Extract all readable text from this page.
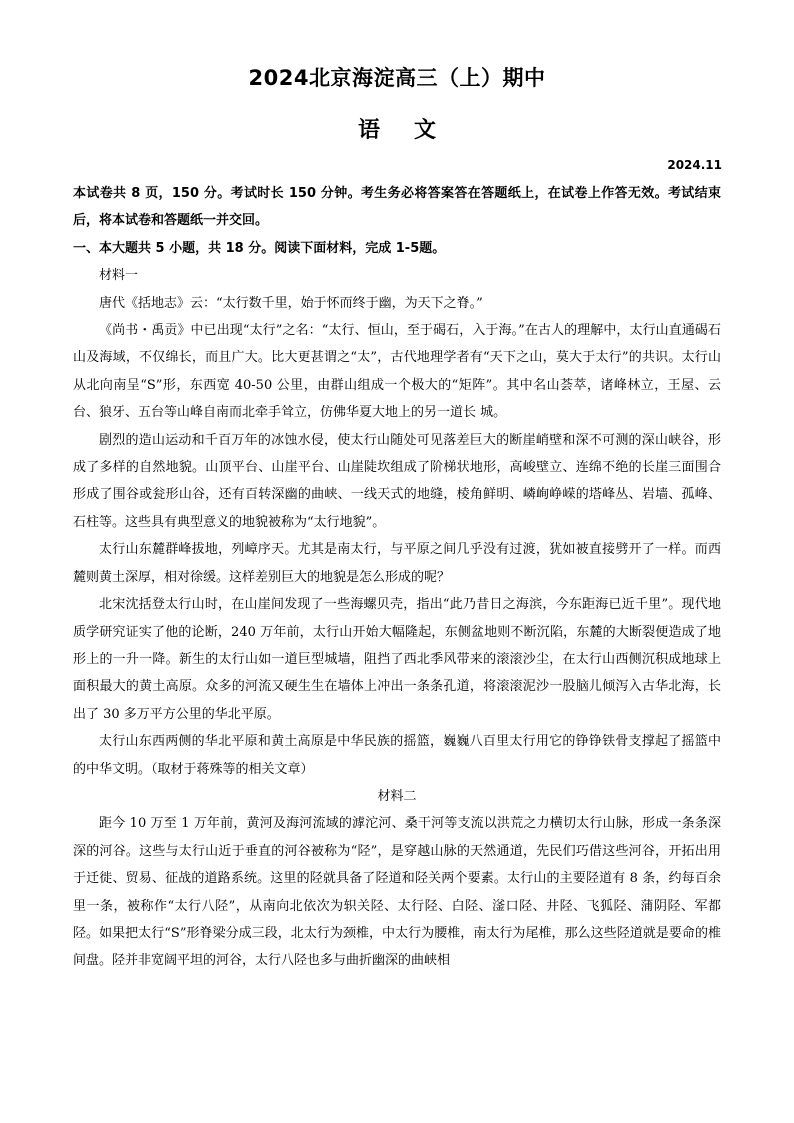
2024北京海淀高三（上）期中
语文
2024.11

本试卷共 8 页，150 分。考试时长 150 分钟。考生务必将答案答在答题纸上，在试卷上作答无效。考试结束后，将本试卷和答题纸一并交回。

一、本大题共 5 小题，共 18 分。阅读下面材料，完成 1-5题。

材料一

唐代《括地志》云：“太行数千里，始于怀而终于幽，为天下之脊。”

《尚书・禹贡》中已出现“太行”之名：“太行、恒山，至于碣石，入于海。”在古人的理解中，太行山直通碣石山及海域，不仅绵长，而且广大。比大更甚谓之“太”，古代地理学者有“天下之山，莫大于太行”的共识。太行山从北向南呈“S”形，东西宽 40-50 公里，由群山组成一个极大的“矩阵”。其中名山荟萃，诸峰林立，王屋、云台、狼牙、五台等山峰自南而北牵手耸立，仿佛华夏大地上的另一道长 城。

剧烈的造山运动和千百万年的冰蚀水侵，使太行山随处可见落差巨大的断崖峭壁和深不可测的深山峡谷，形成了多样的自然地貌。山顶平台、山崖平台、山崖陡坎组成了阶梯状地形，高峻壁立、连绵不绝的长崖三面围合形成了围谷或瓮形山谷，还有百转深幽的曲峡、一线天式的地缝，棱角鲜明、嶙峋峥嵘的塔峰丛、岩墙、孤峰、石柱等。这些具有典型意义的地貌被称为“太行地貌”。

太行山东麓群峰拔地，列嶂序天。尤其是南太行，与平原之间几乎没有过渡，犹如被直接劈开了一样。而西麓则黄土深厚，相对徐缓。这样差别巨大的地貌是怎么形成的呢？

北宋沈括登太行山时，在山崖间发现了一些海螺贝壳，指出“此乃昔日之海滨，今东距海已近千里”。现代地质学研究证实了他的论断，240 万年前，太行山开始大幅隆起，东侧盆地则不断沉陷，东麓的大断裂便造成了地形上的一升一降。新生的太行山如一道巨型城墙，阻挡了西北季风带来的滚滚沙尘，在太行山西侧沉积成地球上面积最大的黄土高原。众多的河流又硬生生在墙体上冲出一条条孔道，将滚滚泥沙一股脑儿倾泻入古华北海，长出了 30 多万平方公里的华北平原。

太行山东西两侧的华北平原和黄土高原是中华民族的摇篮，巍巍八百里太行用它的铮铮铁骨支撑起了摇篮中的中华文明。（取材于蒋殊等的相关文章）

材料二

距今 10 万至 1 万年前，黄河及海河流域的滹沱河、桑干河等支流以洪荒之力横切太行山脉，形成一条条深深的河谷。这些与太行山近于垂直的河谷被称为“陉”，是穿越山脉的天然通道，先民们巧借这些河谷，开拓出用于迁徙、贸易、征战的道路系统。这里的陉就具备了陉道和陉关两个要素。太行山的主要陉道有 8 条，约每百余里一条，被称作“太行八陉”，从南向北依次为轵关陉、太行陉、白陉、滏口陉、井陉、飞狐陉、蒲阴陉、军都陉。如果把太行“S”形脊梁分成三段，北太行为颈椎，中太行为腰椎，南太行为尾椎，那么这些陉道就是要命的椎间盘。陉并非宽阔平坦的河谷，太行八陉也多与曲折幽深的曲峡相
